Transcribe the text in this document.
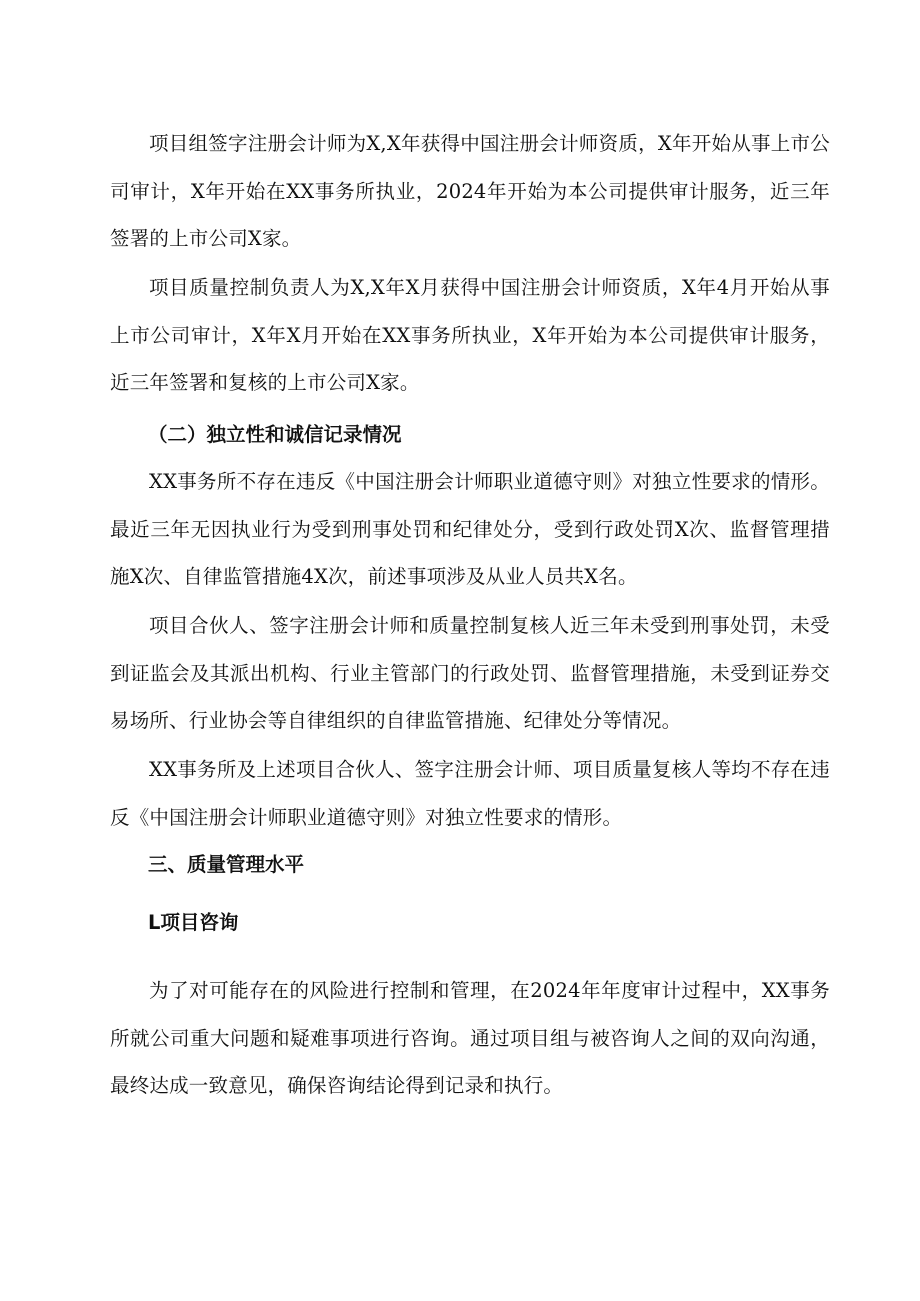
项目组签字注册会计师为X,X年获得中国注册会计师资质，X年开始从事上市公司审计，X年开始在XX事务所执业，2024年开始为本公司提供审计服务，近三年签署的上市公司X家。

项目质量控制负责人为X,X年X月获得中国注册会计师资质，X年4月开始从事上市公司审计，X年X月开始在XX事务所执业，X年开始为本公司提供审计服务，近三年签署和复核的上市公司X家。

（二）独立性和诚信记录情况

XX事务所不存在违反《中国注册会计师职业道德守则》对独立性要求的情形。最近三年无因执业行为受到刑事处罚和纪律处分，受到行政处罚X次、监督管理措施X次、自律监管措施4X次，前述事项涉及从业人员共X名。

项目合伙人、签字注册会计师和质量控制复核人近三年未受到刑事处罚，未受到证监会及其派出机构、行业主管部门的行政处罚、监督管理措施，未受到证券交易场所、行业协会等自律组织的自律监管措施、纪律处分等情况。

XX事务所及上述项目合伙人、签字注册会计师、项目质量复核人等均不存在违反《中国注册会计师职业道德守则》对独立性要求的情形。

三、质量管理水平
L项目咨询

为了对可能存在的风险进行控制和管理，在2024年年度审计过程中，XX事务所就公司重大问题和疑难事项进行咨询。通过项目组与被咨询人之间的双向沟通，最终达成一致意见，确保咨询结论得到记录和执行。
